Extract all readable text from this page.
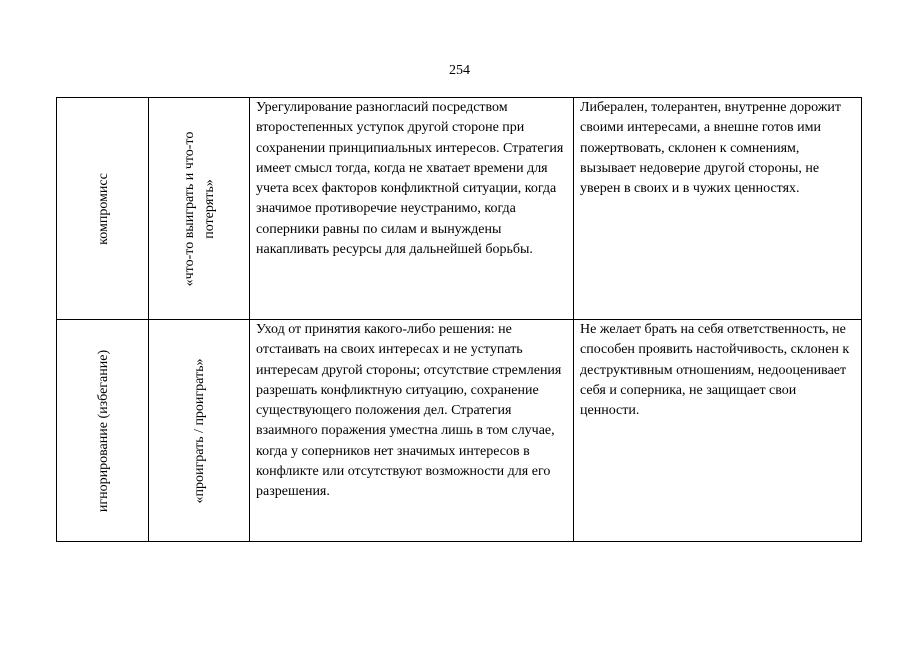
254
компромисс	«что-то выиграть и что-то потерять»	Урегулирование разногласий посредством второстепенных уступок другой стороне при сохранении принципиальных интересов. Стратегия имеет смысл тогда, когда не хватает времени для учета всех факторов конфликтной ситуации, когда значимое противоречие неустранимо, когда соперники равны по силам и вынуждены накапливать ресурсы для дальнейшей борьбы.	Либерален, толерантен, внутренне дорожит своими интересами, а внешне готов ими пожертвовать, склонен к сомнениям, вызывает недоверие другой стороны, не уверен в своих и в чужих ценностях.

игнорирование (избегание)	«проиграть / проиграть»	Уход от принятия какого-либо решения: не отстаивать на своих интересах и не уступать интересам другой стороны; отсутствие стремления разрешать конфликтную ситуацию, сохранение существующего положения дел. Стратегия взаимного поражения уместна лишь в том случае, когда у соперников нет значимых интересов в конфликте или отсутствуют возможности для его разрешения.	Не желает брать на себя ответственность, не способен проявить настойчивость, склонен к деструктивным отношениям, недооценивает себя и соперника, не защищает свои ценности.
